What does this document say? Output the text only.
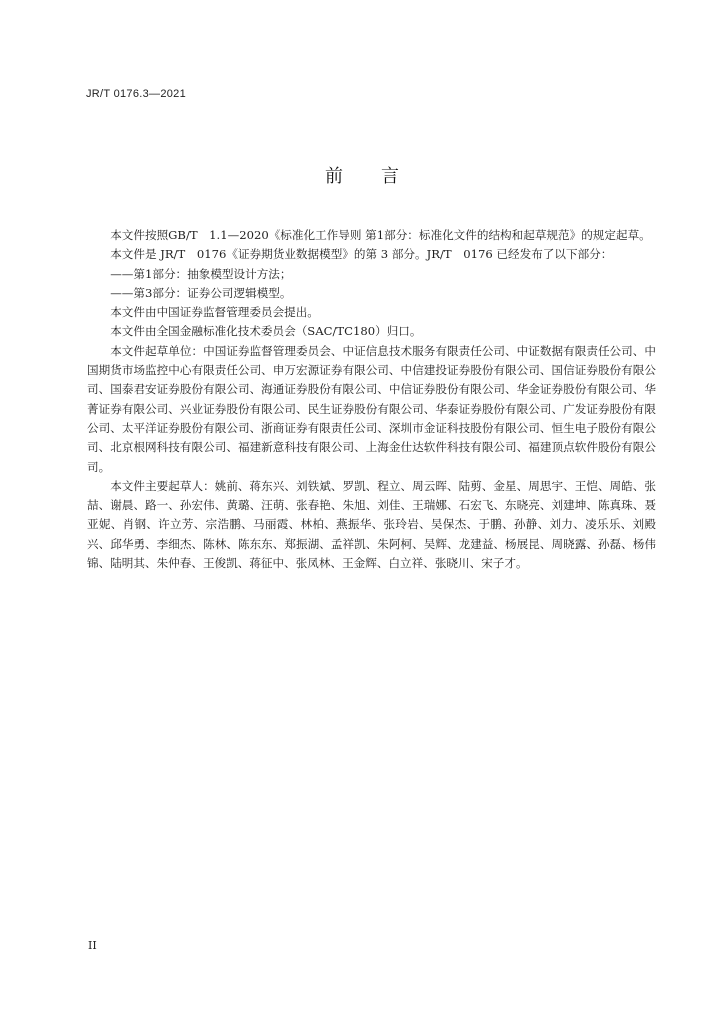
JR/T 0176.3—2021
前言

本文件按照GB/T　1.1—2020《标准化工作导则 第1部分：标准化文件的结构和起草规范》的规定起草。

本文件是 JR/T　0176《证券期货业数据模型》的第 3 部分。JR/T　0176 已经发布了以下部分：

——第1部分：抽象模型设计方法；

——第3部分：证券公司逻辑模型。

本文件由中国证券监督管理委员会提出。

本文件由全国金融标准化技术委员会（SAC/TC180）归口。

本文件起草单位：中国证券监督管理委员会、中证信息技术服务有限责任公司、中证数据有限责任公司、中国期货市场监控中心有限责任公司、申万宏源证券有限公司、中信建投证券股份有限公司、国信证券股份有限公司、国泰君安证券股份有限公司、海通证券股份有限公司、中信证券股份有限公司、华金证券股份有限公司、华菁证券有限公司、兴业证券股份有限公司、民生证券股份有限公司、华泰证券股份有限公司、广发证券股份有限公司、太平洋证券股份有限公司、浙商证券有限责任公司、深圳市金证科技股份有限公司、恒生电子股份有限公司、北京根网科技有限公司、福建新意科技有限公司、上海金仕达软件科技有限公司、福建顶点软件股份有限公司。

本文件主要起草人：姚前、蒋东兴、刘铁斌、罗凯、程立、周云晖、陆剪、金星、周思宇、王恺、周皓、张喆、谢晨、路一、孙宏伟、黄璐、汪萌、张春艳、朱旭、刘佳、王瑞娜、石宏飞、东晓亮、刘建坤、陈真珠、聂亚妮、肖钢、许立芳、宗浩鹏、马丽霞、林柏、燕振华、张玲岩、吴保杰、于鹏、孙静、刘力、凌乐乐、刘殿兴、邱华勇、李细杰、陈林、陈东东、郑振湖、孟祥凯、朱阿柯、吴辉、龙建益、杨展昆、周晓露、孙磊、杨伟锦、陆明其、朱仲春、王俊凯、蒋征中、张凤林、王金辉、白立祥、张晓川、宋子才。

II
